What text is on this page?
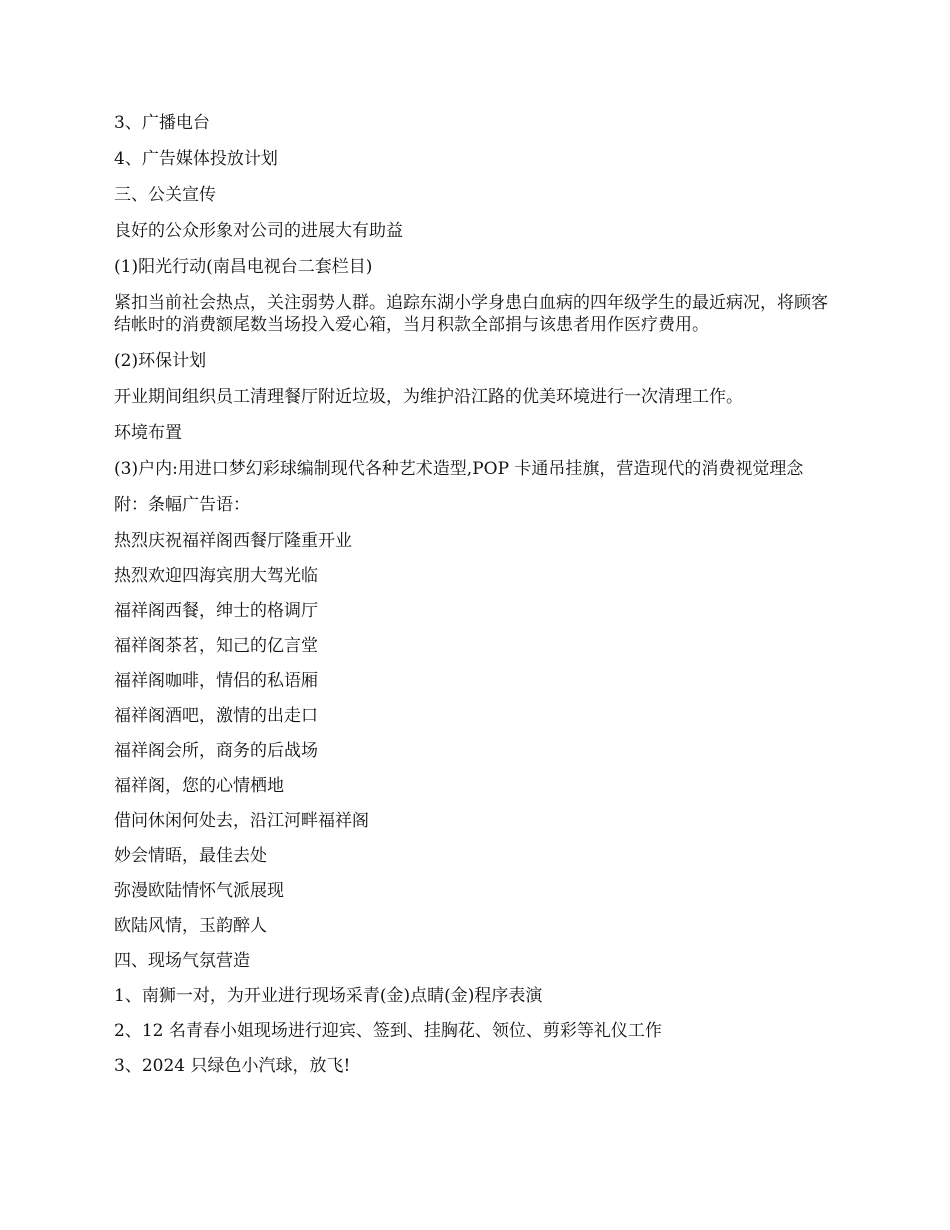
3、广播电台

4、广告媒体投放计划

三、公关宣传

良好的公众形象对公司的进展大有助益

(1)阳光行动(南昌电视台二套栏目)

紧扣当前社会热点，关注弱势人群。追踪东湖小学身患白血病的四年级学生的最近病况，将顾客结帐时的消费额尾数当场投入爱心箱，当月积款全部捐与该患者用作医疗费用。

(2)环保计划

开业期间组织员工清理餐厅附近垃圾，为维护沿江路的优美环境进行一次清理工作。

环境布置

(3)户内:用进口梦幻彩球编制现代各种艺术造型,POP 卡通吊挂旗，营造现代的消费视觉理念

附：条幅广告语：

热烈庆祝福祥阁西餐厅隆重开业

热烈欢迎四海宾朋大驾光临

福祥阁西餐，绅士的格调厅

福祥阁茶茗，知己的亿言堂

福祥阁咖啡，情侣的私语厢

福祥阁酒吧，激情的出走口

福祥阁会所，商务的后战场

福祥阁，您的心情栖地

借问休闲何处去，沿江河畔福祥阁

妙会情晤，最佳去处

弥漫欧陆情怀气派展现

欧陆风情，玉韵醉人

四、现场气氛营造

1、南狮一对，为开业进行现场采青(金)点睛(金)程序表演

2、12 名青春小姐现场进行迎宾、签到、挂胸花、领位、剪彩等礼仪工作

3、2024 只绿色小汽球，放飞!
